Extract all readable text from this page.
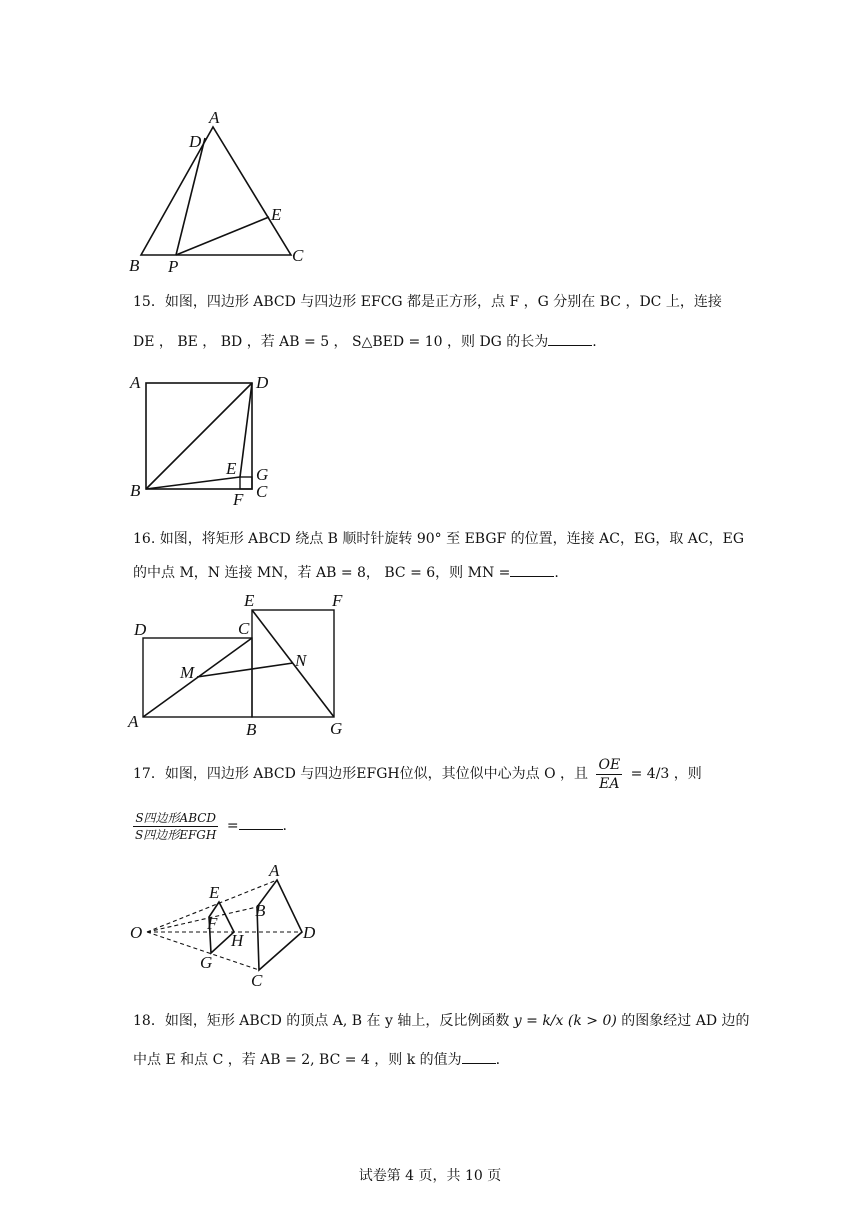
A
D
E
B P
C
15．如图，四边形 ABCD 与四边形 EFCG 都是正方形，点 F ，G 分别在 BC ，DC 上，连接
DE ， BE ， BD ，若 AB = 5 ， S△BED = 10 ，则 DG 的长为	.
A	D
E G
B	F C
16. 如图，将矩形 ABCD 绕点 B 顺时针旋转 90° 至 EBGF 的位置，连接 AC，EG，取 AC，EG
的中点 M，N 连接 MN，若 AB = 8， BC = 6，则 MN =	.
E	F
D	C
M
N
A	B	G
17．如图，四边形 ABCD 与四边形EFGH位似，其位似中心为点 O ，且 $\frac{OE}{EA} = 4/3$ ，则
$\frac{\text{S四边形ABCD}}{\text{S四边形EFGH}}$ =	.
A
E
B
F
O	H	D
G
C
18．如图，矩形 ABCD 的顶点 A, B 在 y 轴上，反比例函数 y = k/x (k > 0) 的图象经过 AD 边的
中点 E 和点 C ，若 AB = 2, BC = 4 ，则 k 的值为 .
试卷第 4 页，共 10 页
